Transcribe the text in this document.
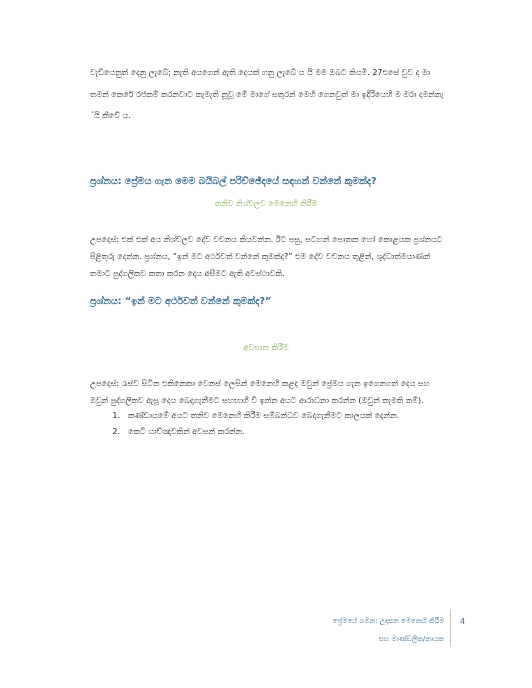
වැඩියෙනුත් දෙනු ලැබේ; නැති අයගෙන් ඇති දෙයක් ගනු ලැබේ ය යි මම ඔබට කියමි. 27එසේ වුව ද මා තමන් කෙරේ රජකම් කරනවාට කැමැති නූවූ මේ මාගේ සතුරන් මෙහි ගෙනවුත් මා ඉදිරියෙහි ම මරා දමන්නැ´යි කීවේ ය.

ප්‍රශ්නය: ප්‍රේමය ගැන මෙම බයිබල් පරිච්ඡේදයේ සඳහන් වන්නේ කුමක්ද?

තනිව නිශ්චලව මෙනෙහි කිරීම

උපදෙස්: එක් එක් අය නිශ්චලව දේව වචනය කියවන්න. ඊට පසු, සටහන් පොතක හෝ කොළයක ප්‍රශ්නයට පිළිතුරු දෙන්න. ප්‍රශ්නය, “ඉන් මට අර්ථවත් වන්නේ කුමක්ද?” එම දේව වචනය තුළින්, ශුද්ධාත්මයාණන් තමාට පුද්ගලිකව කතා කරන දෙය අසීමට ඇති අවස්ථාවකි.

ප්‍රශ්නය: “ඉන් මට අර්ථවත් වන්නේ කුමක්ද?”

අවසාන කිරීම

උපදෙස්: රැස්ව සිටින එකිනෙකා වෙනස් ලෙසින් මෙනෙහි කළද ඔවුන් ප්‍රේමය ගැන ඉගෙනගත් දෙය සහ ඔවුන් පුද්ගලිකව ඇසූ දෙය බෙදාගැනීමට සහභාගී වී ඉන්න අයට ආරාධනා කරන්න (ඔවුන් කැමති නම්).

1.	කණ්ඩායමේ අයට තනිව මෙනෙහි කිරීම සම්බන්ධව බෙදාගැනීමට කාලයක් දෙන්න.
2.	කෙටි යාච්ඤාවකින් අවසන් කරන්න.
ප්‍රේමයේ ගමන: උදාසන මෙනෙහි කිරීම
සහ මාණ්ඩලික/නායක
4
